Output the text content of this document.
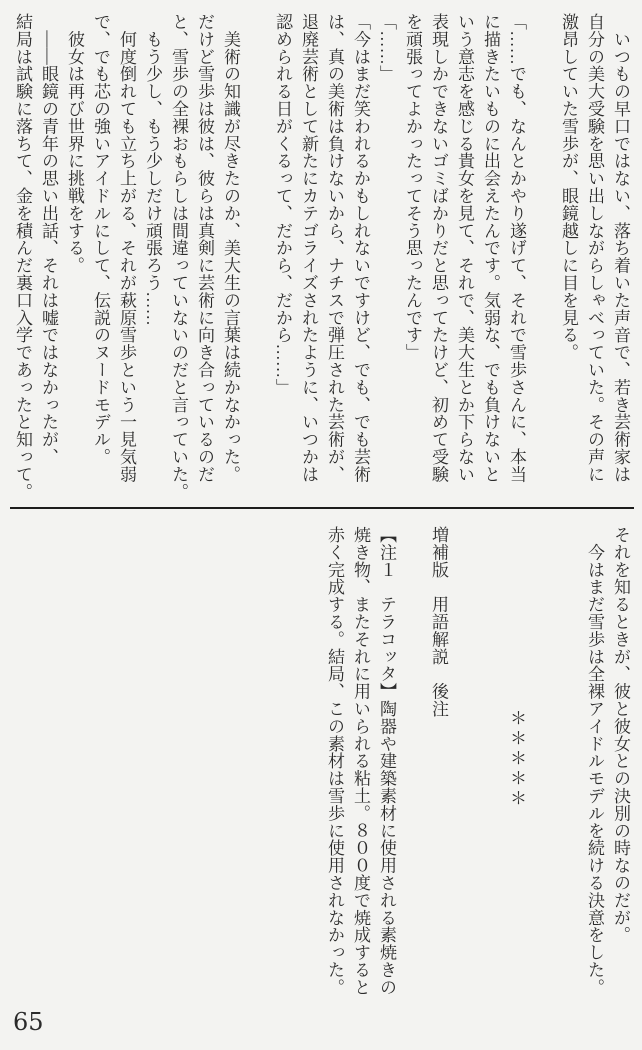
　いつもの早口ではない、落ち着いた声音で、若き芸術家は

自分の美大受験を思い出しながらしゃべっていた。その声に

激昂していた雪歩が、眼鏡越しに目を見る。

「……でも、なんとかやり遂げて、それで雪歩さんに、本当

に描きたいものに出会えたんです。気弱な、でも負けないと

いう意志を感じる貴女を見て、それで、美大生とか下らない

表現しかできないゴミばかりだと思ってたけど、初めて受験

を頑張ってよかったってそう思ったんです」

「……」

「今はまだ笑われるかもしれないですけど、でも、でも芸術

は、真の美術は負けないから、ナチスで弾圧された芸術が、

退廃芸術として新たにカテゴライズされたように、いつかは

認められる日がくるって、だから、だから……」

　美術の知識が尽きたのか、美大生の言葉は続かなかった。

だけど雪歩は彼は、彼らは真剣に芸術に向き合っているのだ

と、雪歩の全裸おもらしは間違っていないのだと言っていた。

　もう少し、もう少しだけ頑張ろう……

　何度倒れても立ち上がる、それが萩原雪歩という一見気弱

で、でも芯の強いアイドルにして、伝説のヌードモデル。

　彼女は再び世界に挑戦をする。

　――眼鏡の青年の思い出話、それは嘘ではなかったが、

結局は試験に落ちて、金を積んだ裏口入学であったと知って。

それを知るときが、彼と彼女との決別の時なのだが。

　今はまだ雪歩は全裸アイドルモデルを続ける決意をした。

＊＊＊＊＊

増補版　用語解説　後注

【注１　テラコッタ】陶器や建築素材に使用される素焼きの

焼き物、またそれに用いられる粘土。８００度で焼成すると

赤く完成する。結局、この素材は雪歩に使用されなかった。

65
